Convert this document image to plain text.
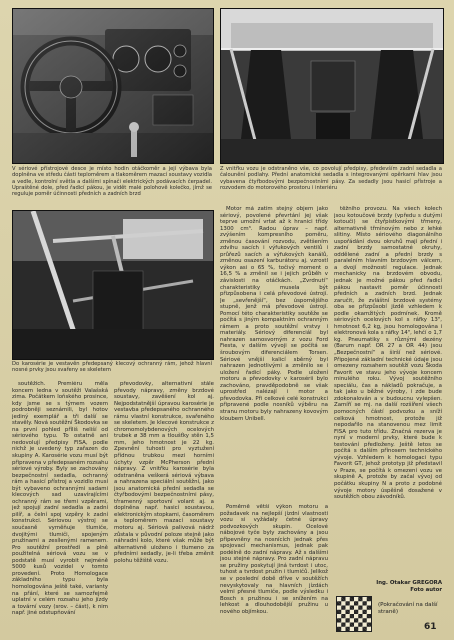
V sériové přístrojové desce je místo hodin otáčkoměr a její výbava byla doplněna ve středu části teploměrem a tlakoměrem mazací soustavy vozidla a vedle, kontrolní světla a dalšími spínači elektrických podávacích čerpadel. Upraštěné dole, před řadicí pákou, je vidět malé polohově kolečko, jímž se reguluje poměr účinnosti předních a zadních brzd
Z vnitřku vozu je odstraněno vše, co povolují předpisy, především zadní sedadla a čalounění podlahy. Přední anatomické sedadla s integrovanými opěrkami hlav jsou vybavena čtyřbodovými bezpečnostními pásy. Za sedadly jsou hasicí přístroje a rozvodem do motorového prostoru i interiéru
Do karosérie je vestavěn předepsaný klecový ochranný rám, jehož hlavní nosné prvky jsou svařeny se skeletem

Motor má zatím stejný objem jako sériový, povolené převrtání jej však teprve umožní vrtat až k hranici třídy 1300 cm³. Radou úprav – např. zvýšením kompresního poměru, změnou časování rozvodu, zvětšením zdvihu sacích i výfukových ventilů i průřezů sacích a výfukových kanálů, změnou osazení karburátoru aj. vzrostl výkon asi o 65 %, točivý moment o 16,5 % a změnil se i jejich průběh v závislosti na otáčkách. „Zvrdnutí“ charakteristiky musela být přizpůsobena i celá převodové ústrojí. Je „sevřenější“, bez úspornějšího stupně, jenž má převodové ústrojí. Pomocí této charakteristiky soutěže se počítá s jiným kompaktním ochranným rámem a proto soutěžní vrstvy i materiály. Sériový diferenciál byl nahrazen samosvorným z vozu Ford Fiesta, v dalším vývoji se počítá se šroubovým diferenciálem Torsen. Sériové vnější kalicí sběrný byl nahrazen jednotlivými a změnilo se i uložení řadicí páky. Podle uložení motoru a převodovky v karosérii bylo zachováno, pravděpodobně se však uprostřed nalézají i motor a převodovka. Při celkové celé konstrukci připravené podle nosníků výběru na stranu motoru byly nahrazeny kovovým kloubem Unibell.

těžního provozu. Na všech kolech jsou kotoučové brzdy (vpředu s dutými kotouči) se čtyřpístkovými třmeny, alternativně třmínovým nebo z lehké slitiny. Místo sériového diagonálního uspořádání dvou okruhů mají přední i zadní brzdy samostatné okruhy, oddělené zadní a přední brzdy s paralelním hlavním brzdovým válcem, a dvojí možností regulace. Jednak mechanicky na brzdovém obvodu, jednak je možné pákou před řadicí pákou nastavit poměr účinnosti předních a zadních brzd. Jednak zaručit, že zvláštní brzdové systémy oba se přizpůsobí jízdě vzhledem k podle okamžitých podmínek. Kromě sériových ocelových kol s ráfky 13", hmotnost 6,2 kg, jsou homologována i elektronová kola s ráfky 14", lehčí o 1,7 kg. Pneumatiky s různými dezény (Barum např. OR 27 a OR 44) jsou „Bezpečnostní“ a širší než sériové. Připojené základní technické údaje jsou omezeny rozsahem soutěží vozu Škoda Favorit ve stavu jeho vývoje koncem minulého roku. Vývoj soutěžního speciálu, čas a nákladů pokračuje, a tak jako u běžné výroby, i zde bude zdokonalován a v budoucnu vylepšen. Zamíří se mj. na další rozšíření všech pomocných částí podvozku a sníží celková hmotnost, protože již nepodařilo na stanovenou mez limit FISA pro tuto třídu. Značná rezerva je nyní v moderní prvky, které bude k testování předloženy. Ještě letos se počítá s dalším přínosem technického vývoje. Vzhledem k homologaci typu Favorit GT, jehož prototyp již představil v Praze, se počítá k omezení vozu ve skupině A, protože by začal vývoj od počátku skupiny N a proto z podobné vývoje motory úspěšně dosažené v soutěžích obou závodníků.

soutěžích. Premiéru měla koncem ledna v soutěži Valašská zima. Počátkem loňského prosince, kdy jsme se s týmem vozem podrobněji seznámili, byl hotov jediný exemplář a tři další se stavěly. Nová soutěžní Škodovka se na první pohled příliš neliší od sériového typu. To ostatně ani nedovolují předpisy FISA, podle nichž je uvedený typ zařazen do skupiny A. Karosérie vozu musí být připravena v předepsaném rozsahu sériové výroby. Byly se zachovány bezpečnostní sedadla, ochranný rám a hasicí přístroj a vozidlo musí být vybaveno ochrannými sadami klecových sad uzavírajícími ochranný rám se třemi vzpěrami, jež spojují zadní sedadla a zadní pilíř, a čelní spoj vzpěry k zadní konstrukci. Sériovou výstroj se současně vyměňuje tlumiče, dvojitými tlumiči, spojeným pružinami a zesílenými ramenem. Pro soutěžní prostředí a plně použitelná sériová vozu se v podstatě musí vyrobit nejméně 5000 kusů vozidel v tomto provedení. Proto Homologace základního typu byla homologována ještě také, varianty na přání, které se samozřejmě uplatní v celém rozsahu jeho jízdy a tovární vozy (srov. – část), k nim např. jiné odstupňování

převodovky, alternativní stále převody nápravy, změny brzdové soustavy, zavěšení kol aj. Nejpodstatnější úpravou karosérie je vestavba předepsaného ochranného rámu vlastní konstrukce, svařeného se skeletem. Je klecové konstrukce z chromomolybdenových ocelových trubek ø 38 mm a tloušťky stěn 1,5 mm, jeho hmotnost je 22 kg. Zpevnění tuhosti pro vyztužení přídnou trubkou mezi horními úchyty vzpěr McPherson přední nápravy. Z vnitřku karosérie byla odstraněna veškerá sériová výbava a nahrazena speciální soutěžní, jako jsou anatomická přední sedadla se čtyřbodovými bezpečnostními pásy, třramenný sportovní volant aj. a doplněna např. hasicí soustavou, elektronickým stopkami, časoměrem a teploměrem mazací soustavy motoru aj. Sériová palivová nádrž zůstala v původní poloze stejně jako náhradní kolo, které však může být alternativně uloženo i tlumeno za předními sedadly, je-li třeba změnit polohu těžiště vozu.

Poměrně větší výkon motoru a požadavek na nejlepší jízdní vlastnosti vozu si vyžádaly četné úpravy podvozkových skupin. Ocelové nábojové tyče byly zachovány a jsou připevněny na nosnících jednak přes spojovací mechanismus, jednak pak podélně do zadní nápravy. Až s dalšími jsou stejné nápravy. Pro zadní nápravu se pružiny poskytují jiná tvrdost i utoc, tuhost a tvrdost pružin i tlumičů. Jelikož se v poslední době dříve v soutěžích nevyskytovaly na hlavních jízdách velmi přesné tlumiče, podle výsledku i Bosch s pružinou i se snížením na lehkost a dlouhodobější pružinu u nového objímkou.

Ing. Otakar GREGORA
Foto autor
(Pokračování na další straně)
61
